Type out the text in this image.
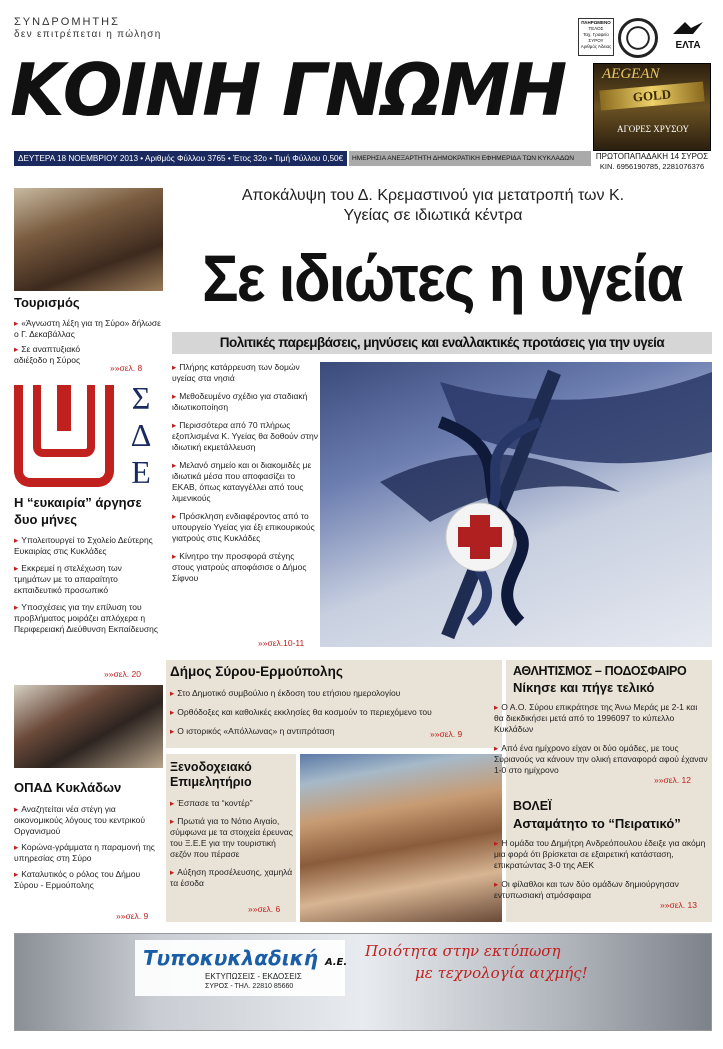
ΣΥΝΔΡΟΜΗΤΗΣ
δεν επιτρέπεται η πώληση
ΚΟΙΝΗ ΓΝΩΜΗ
ΠΛΗΡΩΜΕΝΟ
ΤΕΛΟΣ
Ταχ. Γραφείο
ΣΥΡΟΥ
Αριθμός Άδειας	ΕΛΤΑ
AEGEAN
GOLD
ΑΓΟΡΕΣ ΧΡΥΣΟΥ
ΠΡΩΤΟΠΑΠΑΔΑΚΗ 14 ΣΥΡΟΣ
ΚΙΝ. 6956190785, 2281076376
ΔΕΥΤΕΡΑ 18 ΝΟΕΜΒΡΙΟΥ 2013 • Αριθμός Φύλλου 3765 • Έτος 32ο • Τιμή Φύλλου 0,50€	ΗΜΕΡΗΣΙΑ ΑΝΕΞΑΡΤΗΤΗ ΔΗΜΟΚΡΑΤΙΚΗ ΕΦΗΜΕΡΙΔΑ ΤΩΝ ΚΥΚΛΑΔΩΝ
Τουρισμός
▸ «Άγνωστη λέξη για τη Σύρο» δήλωσε ο Γ. Δεκαβάλλας
▸ Σε αναπτυξιακό αδιέξοδο η Σύρος
»» σελ. 8
Σ
Δ
Ε
Η “ευκαιρία” άργησε δυο μήνες
▸ Υπολειτουργεί το Σχολείο Δεύτερης Ευκαιρίας στις Κυκλάδες
▸ Εκκρεμεί η στελέχωση των τμημάτων με το απαραίτητο εκπαιδευτικό προσωπικό
▸ Υποσχέσεις για την επίλυση του προβλήματος μοιράζει απλόχερα η Περιφερειακή Διεύθυνση Εκπαίδευσης
»» σελ. 20
ΟΠΑΔ Κυκλάδων
▸ Αναζητείται νέα στέγη για οικονομικούς λόγους του κεντρικού Οργανισμού
▸ Κορώνα-γράμματα η παραμονή της υπηρεσίας στη Σύρο
▸ Καταλυτικός ο ρόλος του Δήμου Σύρου - Ερμούπολης
»» σελ. 9
Αποκάλυψη του Δ. Κρεμαστινού για μετατροπή των Κ. Υγείας σε ιδιωτικά κέντρα
Σε ιδιώτες η υγεία
Πολιτικές παρεμβάσεις, μηνύσεις και εναλλακτικές προτάσεις για την υγεία
▸ Πλήρης κατάρρευση των δομών υγείας στα νησιά
▸ Μεθοδευμένο σχέδιο για σταδιακή ιδιωτικοποίηση
▸ Περισσότερα από 70 πλήρως εξοπλισμένα Κ. Υγείας θα δοθούν στην ιδιωτική εκμετάλλευση
▸ Μελανό σημείο και οι διακομιδές με ιδιωτικά μέσα που αποφασίζει το ΕΚΑΒ, όπως καταγγέλλει από τους λιμενικούς
▸ Πρόσκληση ενδιαφέροντος από το υπουργείο Υγείας για έξι επικουρικούς γιατρούς στις Κυκλάδες
▸ Κίνητρο την προσφορά στέγης στους γιατρούς αποφάσισε ο Δήμος Σίφνου
»» σελ.10-11
Δήμος Σύρου-Ερμούπολης
▸ Στο Δημοτικό συμβούλιο η έκδοση του ετήσιου ημερολογίου
▸ Ορθόδοξες και καθολικές εκκλησίες θα κοσμούν το περιεχόμενο του
▸ Ο ιστορικός «Απόλλωνας» η αντιπρόταση
»»	σελ. 9
Ξενοδοχειακό Επιμελητήριο
▸ Έσπασε τα “κοντέρ”
▸ Πρωτιά για το Νότιο Αιγαίο, σύμφωνα με τα στοιχεία έρευνας του Ξ.Ε.Ε για την τουριστική σεζόν που πέρασε
▸ Αύξηση προσέλευσης, χαμηλά τα έσοδα
»» σελ. 6
ΑΘΛΗΤΙΣΜΟΣ – ΠΟΔΟΣΦΑΙΡΟ
Νίκησε και πήγε τελικό
▸ Ο Α.Ο. Σύρου επικράτησε της Άνω Μεράς με 2-1 και θα διεκδικήσει μετά από το 1996097 το κύπελλο Κυκλάδων
▸ Από ένα ημίχρονο είχαν οι δύο ομάδες, με τους Συριανούς να κάνουν την ολική επαναφορά αφού έχαναν 1-0 στο ημίχρονο
»» σελ. 12
ΒΟΛΕΪ
Ασταμάτητο το “Πειρατικό”
▸ Η ομάδα του Δημήτρη Ανδρεόπουλου έδειξε για ακόμη μια φορά ότι βρίσκεται σε εξαιρετική κατάσταση, επικρατώντας 3-0 της ΑΕΚ
▸ Οι φίλαθλοι και των δύο ομάδων δημιούργησαν εντυπωσιακή ατμόσφαιρα
»» σελ. 13
Τυποκυκλαδική Α.Ε.
ΕΚΤΥΠΩΣΕΙΣ - ΕΚΔΟΣΕΙΣ
ΣΥΡΟΣ - ΤΗΛ. 22810 85660
Ποιότητα στην εκτύπωση
με τεχνολογία αιχμής!
